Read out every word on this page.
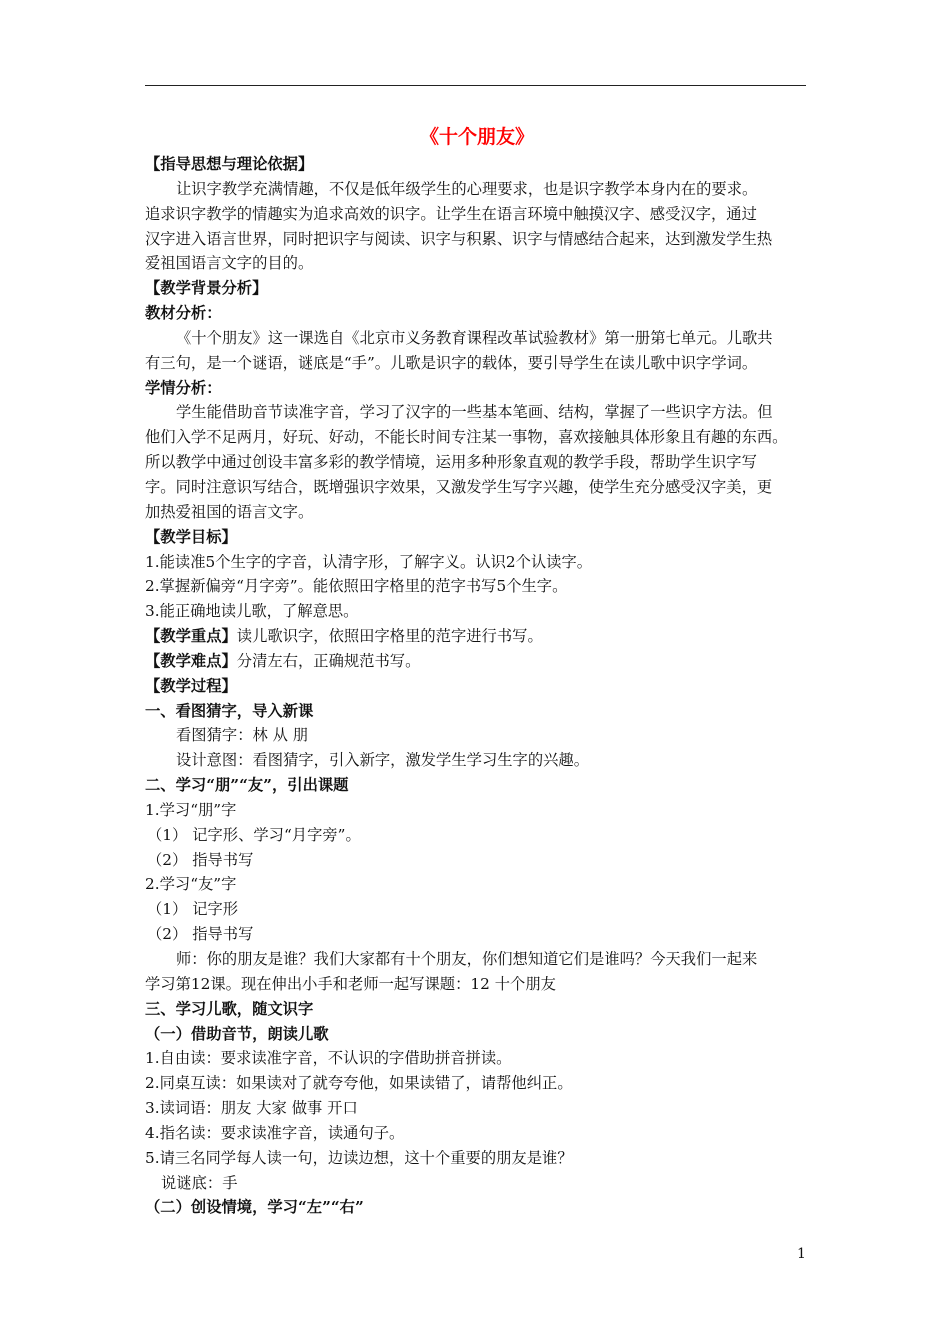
《十个朋友》
【指导思想与理论依据】
让识字教学充满情趣，不仅是低年级学生的心理要求，也是识字教学本身内在的要求。
追求识字教学的情趣实为追求高效的识字。让学生在语言环境中触摸汉字、感受汉字，通过
汉字进入语言世界，同时把识字与阅读、识字与积累、识字与情感结合起来，达到激发学生热
爱祖国语言文字的目的。
【教学背景分析】
教材分析：
《十个朋友》这一课选自《北京市义务教育课程改革试验教材》第一册第七单元。儿歌共
有三句，是一个谜语，谜底是“手”。儿歌是识字的载体，要引导学生在读儿歌中识字学词。
学情分析：
学生能借助音节读准字音，学习了汉字的一些基本笔画、结构，掌握了一些识字方法。但
他们入学不足两月，好玩、好动，不能长时间专注某一事物，喜欢接触具体形象且有趣的东西。
所以教学中通过创设丰富多彩的教学情境，运用多种形象直观的教学手段，帮助学生识字写
字。同时注意识写结合，既增强识字效果，又激发学生写字兴趣，使学生充分感受汉字美，更
加热爱祖国的语言文字。
【教学目标】
1.能读准5个生字的字音，认清字形，了解字义。认识2个认读字。
2.掌握新偏旁“月字旁”。能依照田字格里的范字书写5个生字。
3.能正确地读儿歌，了解意思。
【教学重点】读儿歌识字，依照田字格里的范字进行书写。
【教学难点】分清左右，正确规范书写。
【教学过程】
一、看图猜字，导入新课
看图猜字：林 从 朋
设计意图：看图猜字，引入新字，激发学生学习生字的兴趣。
二、学习“朋”“友”，引出课题
1.学习“朋”字
（1） 记字形、学习“月字旁”。
（2） 指导书写
2.学习“友”字
（1） 记字形
（2） 指导书写
师：你的朋友是谁？我们大家都有十个朋友，你们想知道它们是谁吗？今天我们一起来
学习第12课。现在伸出小手和老师一起写课题：12 十个朋友
三、学习儿歌，随文识字
（一）借助音节，朗读儿歌
1.自由读：要求读准字音，不认识的字借助拼音拼读。
2.同桌互读：如果读对了就夸夸他，如果读错了，请帮他纠正。
3.读词语：朋友 大家 做事 开口
4.指名读：要求读准字音，读通句子。
5.请三名同学每人读一句，边读边想，这十个重要的朋友是谁？
说谜底：手
（二）创设情境，学习“左”“右”
1
